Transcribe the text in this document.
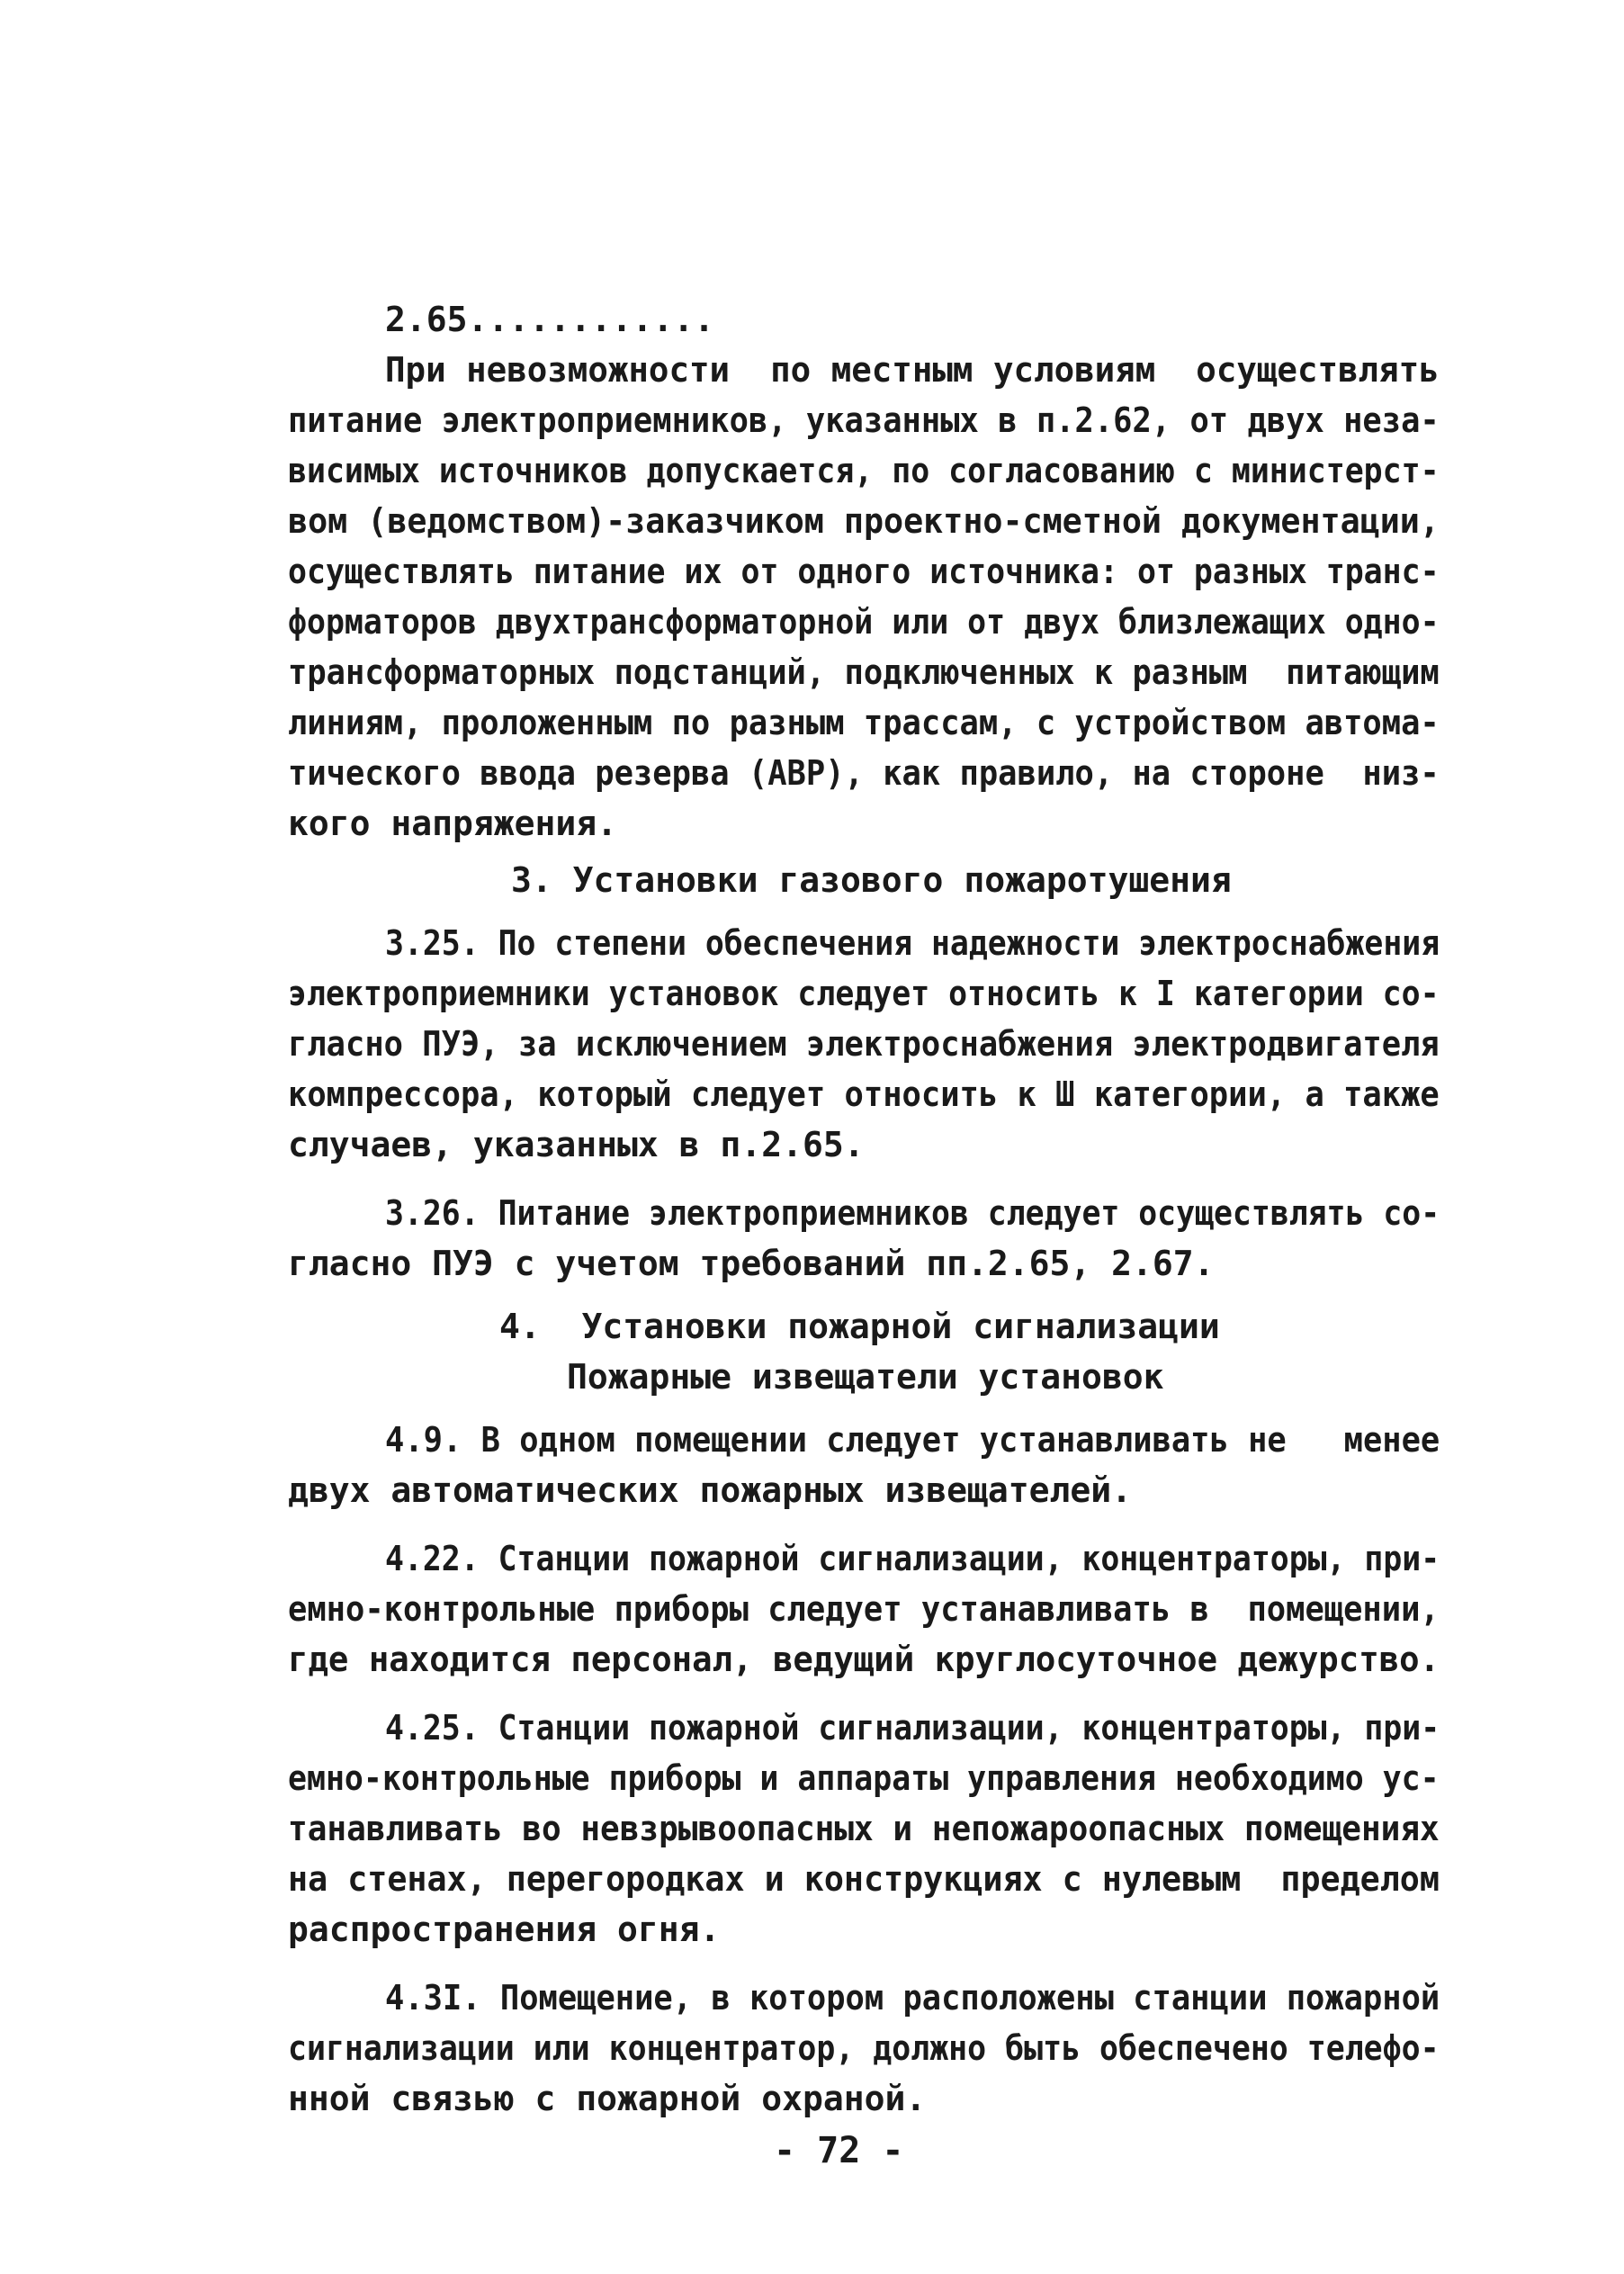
2.65............
При невозможности  по местным условиям  осуществлять
питание электроприемников, указанных в п.2.62, от двух неза-
висимых источников допускается, по согласованию с министерст-
вом (ведомством)-заказчиком проектно-сметной документации,
осуществлять питание их от одного источника: от разных транс-
форматоров двухтрансформаторной или от двух близлежащих одно-
трансформаторных подстанций, подключенных к разным  питающим
линиям, проложенным по разным трассам, с устройством автома-
тического ввода резерва (АВР), как правило, на стороне  низ-
кого напряжения.
3. Установки газового пожаротушения
3.25. По степени обеспечения надежности электроснабжения
электроприемники установок следует относить к I категории со-
гласно ПУЭ, за исключением электроснабжения электродвигателя
компрессора, который следует относить к Ш категории, а также
случаев, указанных в п.2.65.
3.26. Питание электроприемников следует осуществлять со-
гласно ПУЭ с учетом требований пп.2.65, 2.67.
4.  Установки пожарной сигнализации
Пожарные извещатели установок
4.9. В одном помещении следует устанавливать не   менее
двух автоматических пожарных извещателей.
4.22. Станции пожарной сигнализации, концентраторы, при-
емно-контрольные приборы следует устанавливать в  помещении,
где находится персонал, ведущий круглосуточное дежурство.
4.25. Станции пожарной сигнализации, концентраторы, при-
емно-контрольные приборы и аппараты управления необходимо ус-
танавливать во невзрывоопасных и непожароопасных помещениях
на стенах, перегородках и конструкциях с нулевым  пределом
распространения огня.
4.3I. Помещение, в котором расположены станции пожарной
сигнализации или концентратор, должно быть обеспечено телефо-
нной связью с пожарной охраной.
- 72 -
